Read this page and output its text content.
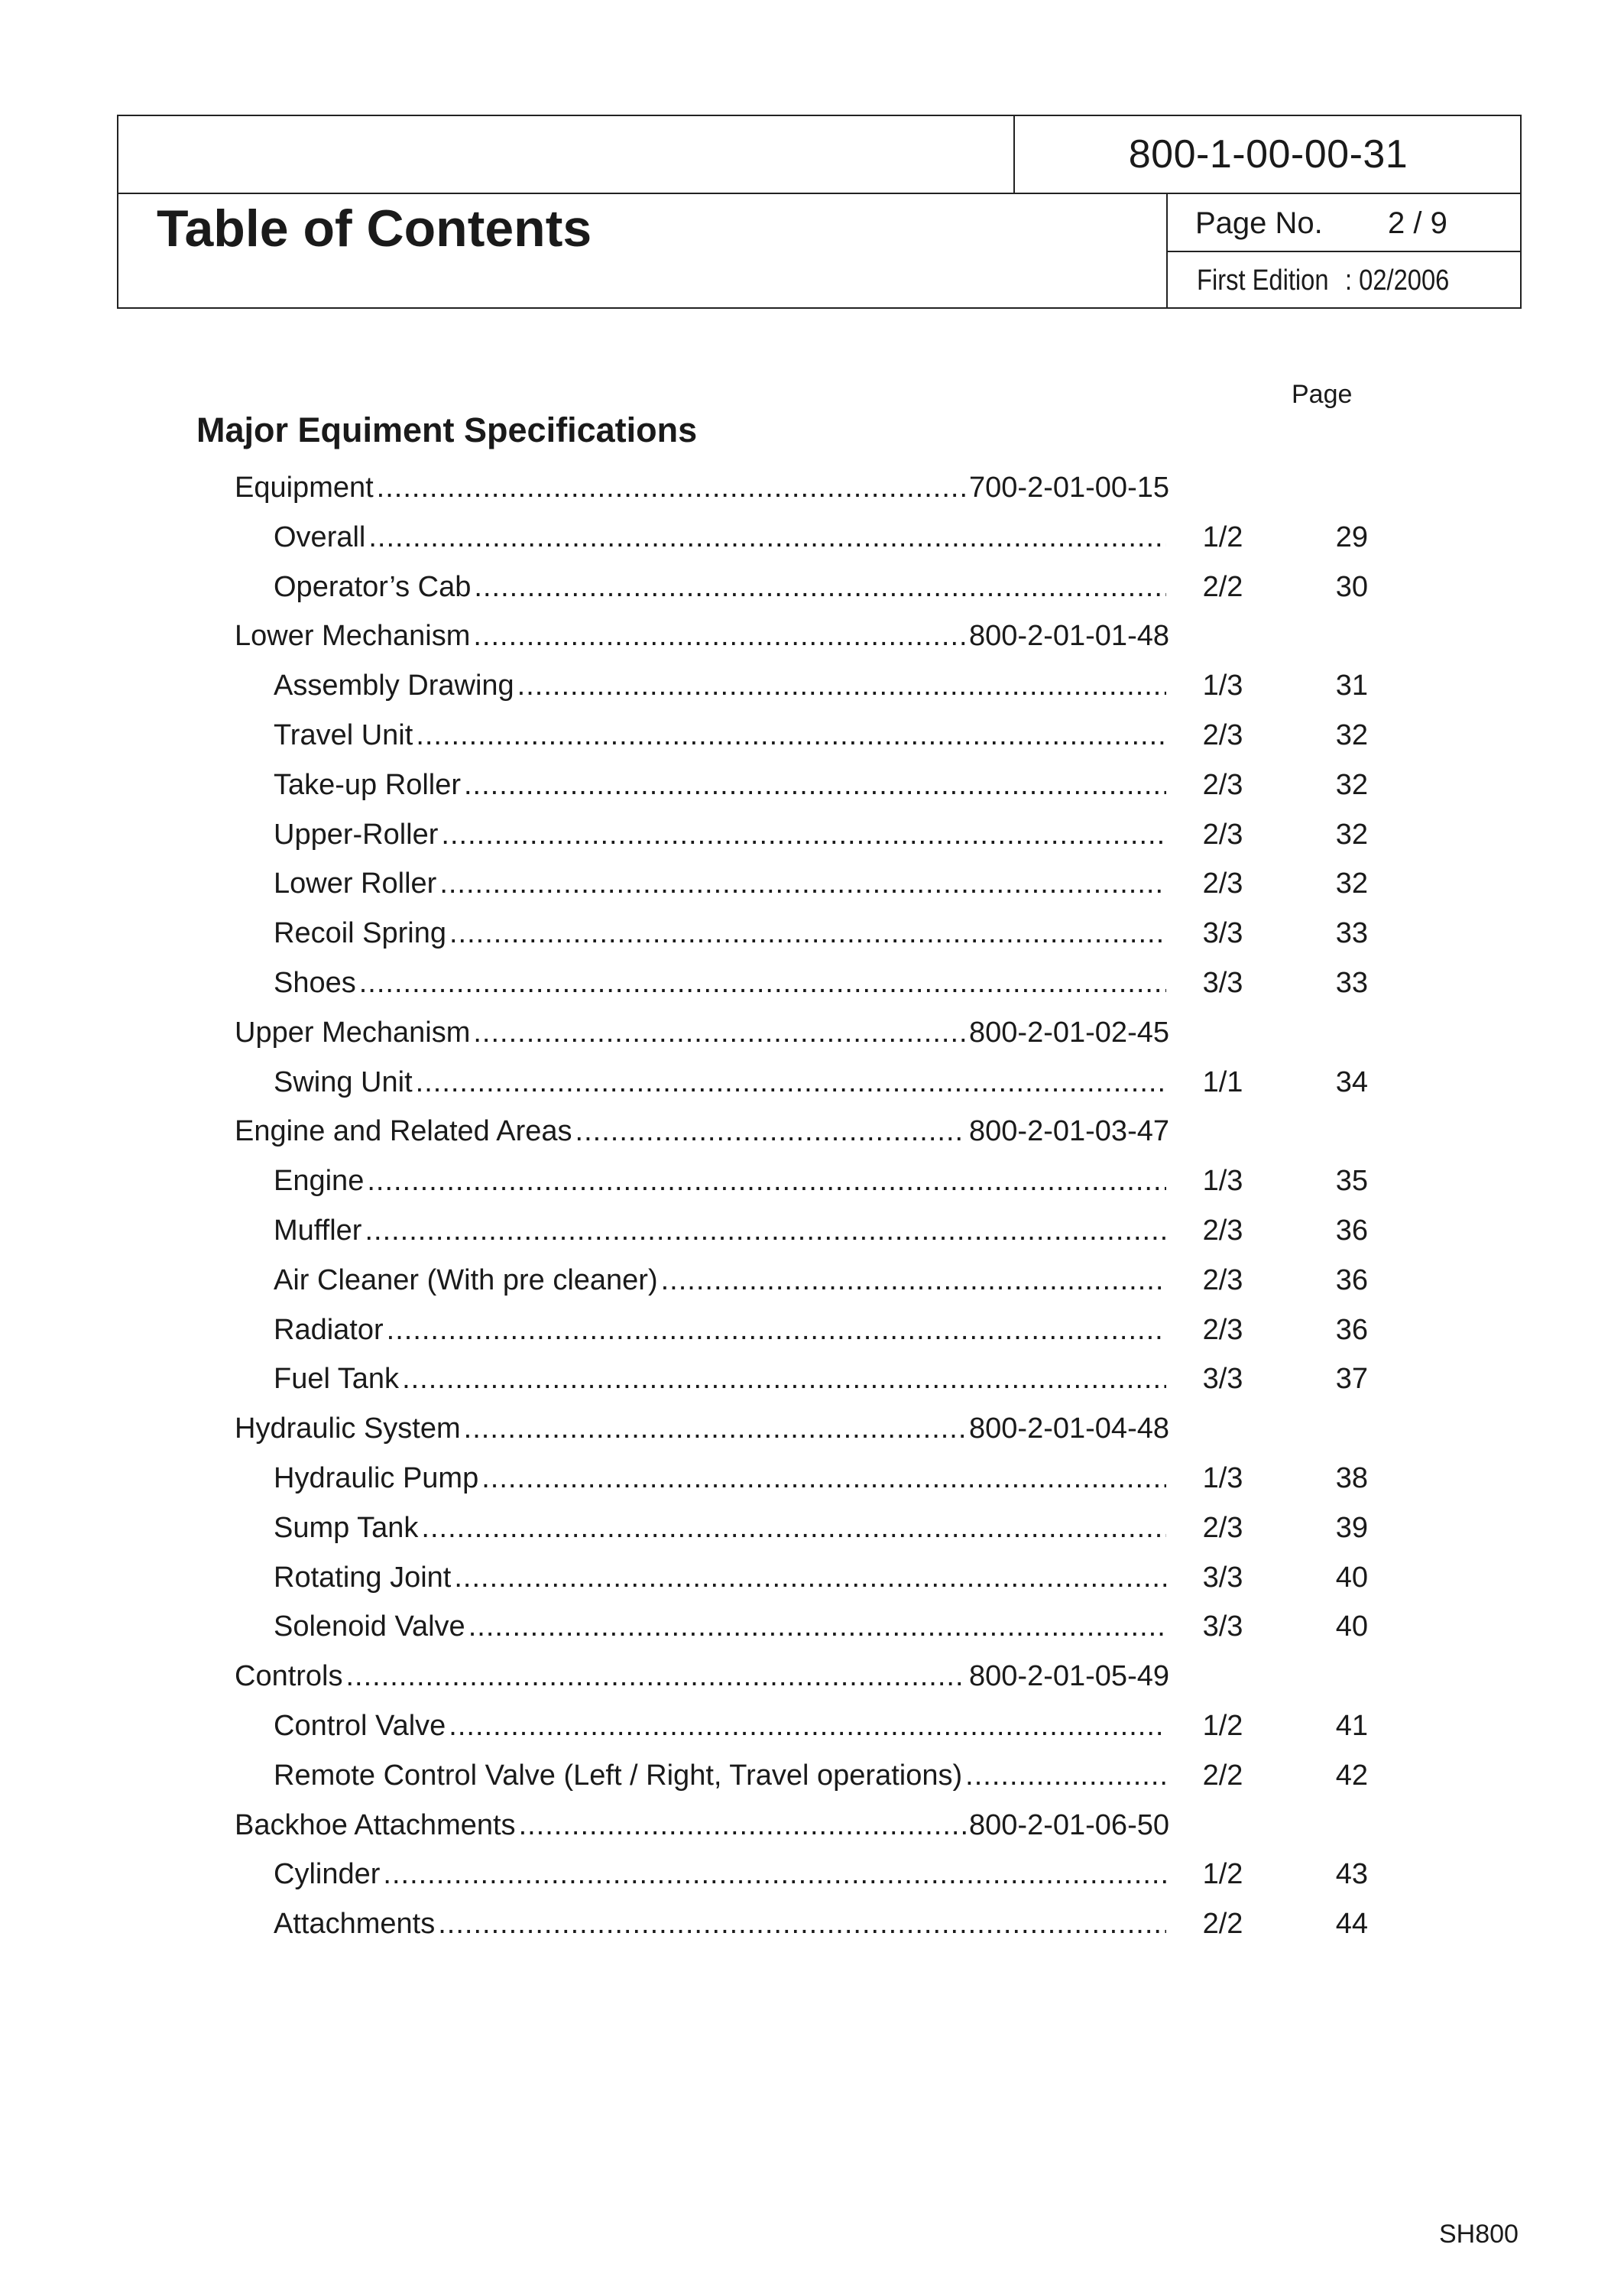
800-1-00-00-31
Table of Contents	Page No. 2 / 9
First Edition : 02/2006
Page
Major Equiment Specifications
Equipment .....	700-2-01-00-15
Overall .....	1/2	29
Operator’s Cab .....	2/2	30
Lower Mechanism .....	800-2-01-01-48
Assembly Drawing .....	1/3	31
Travel Unit .....	2/3	32
Take-up Roller .....	2/3	32
Upper-Roller .....	2/3	32
Lower Roller .....	2/3	32
Recoil Spring .....	3/3	33
Shoes .....	3/3	33
Upper Mechanism .....	800-2-01-02-45
Swing Unit .....	1/1	34
Engine and Related Areas .....	800-2-01-03-47
Engine .....	1/3	35
Muffler .....	2/3	36
Air Cleaner (With pre cleaner) .....	2/3	36
Radiator .....	2/3	36
Fuel Tank .....	3/3	37
Hydraulic System .....	800-2-01-04-48
Hydraulic Pump .....	1/3	38
Sump Tank .....	2/3	39
Rotating Joint .....	3/3	40
Solenoid Valve .....	3/3	40
Controls .....	800-2-01-05-49
Control Valve .....	1/2	41
Remote Control Valve (Left / Right, Travel operations) .....	2/2	42
Backhoe Attachments .....	800-2-01-06-50
Cylinder .....	1/2	43
Attachments .....	2/2	44
SH800
